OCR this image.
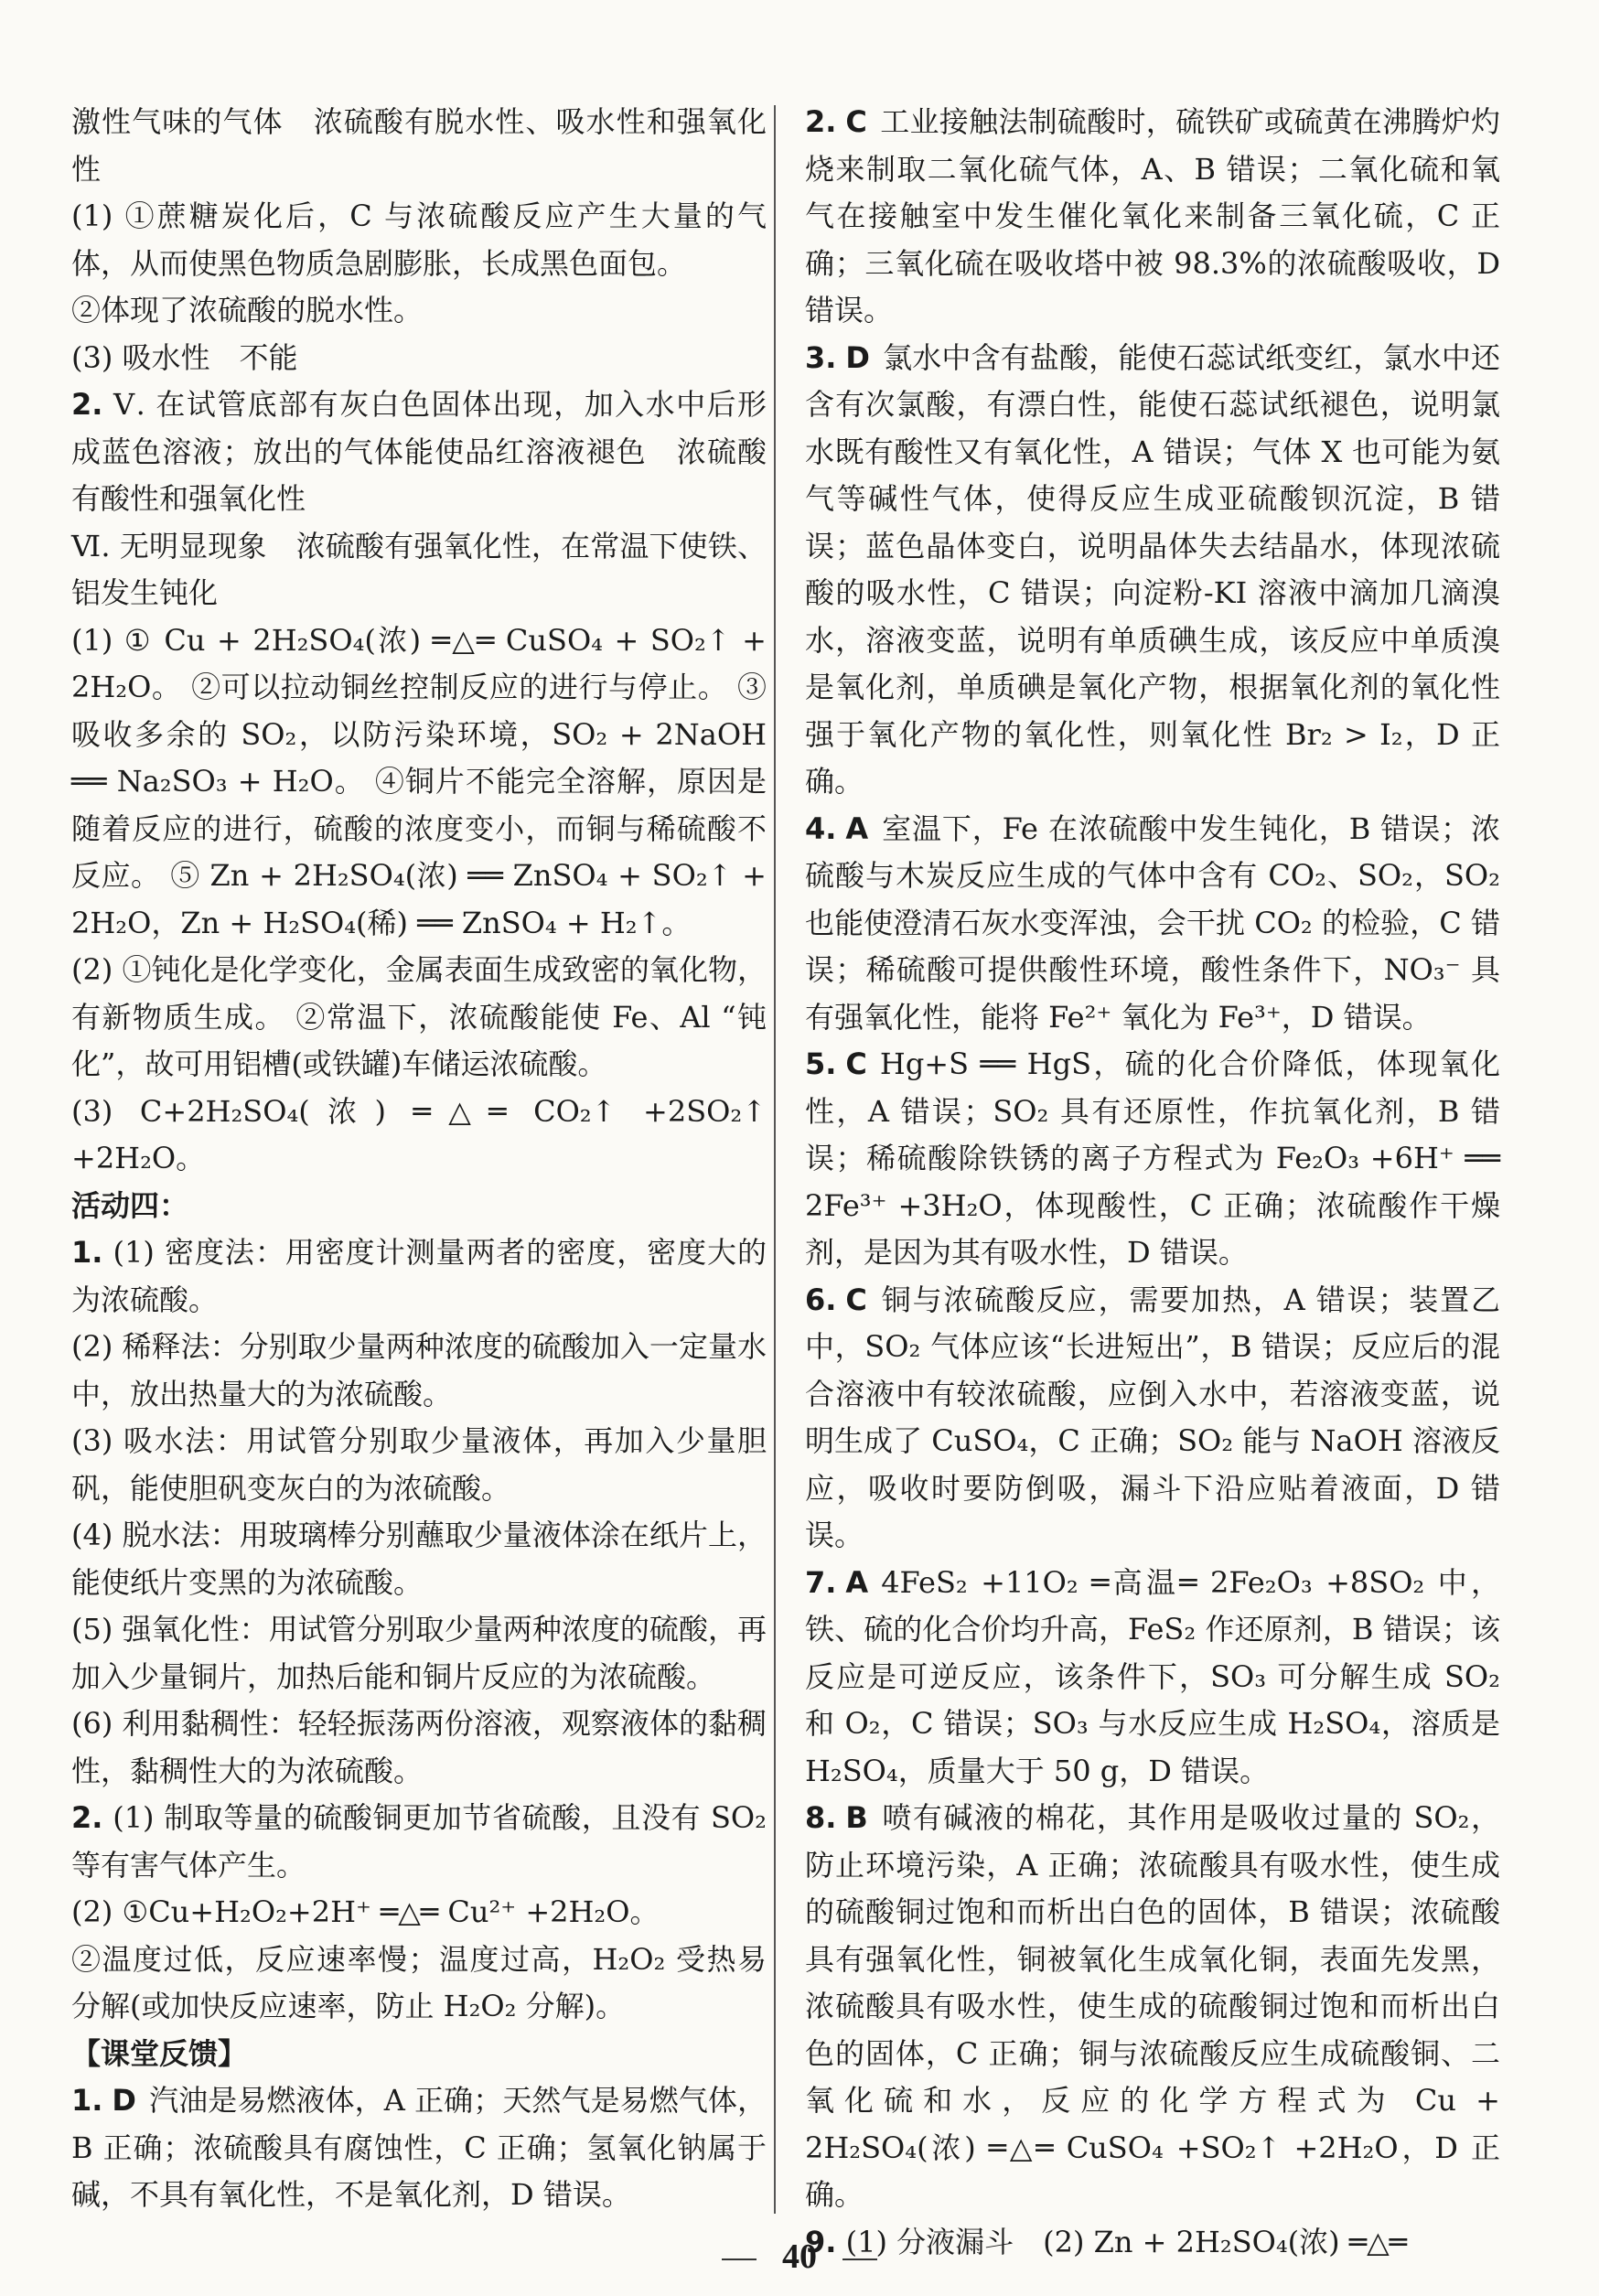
激性气味的气体　浓硫酸有脱水性、吸水性和强氧化性

(1) ①蔗糖炭化后，C 与浓硫酸反应产生大量的气体，从而使黑色物质急剧膨胀，长成黑色面包。

②体现了浓硫酸的脱水性。

(3) 吸水性　不能

2. Ⅴ. 在试管底部有灰白色固体出现，加入水中后形成蓝色溶液；放出的气体能使品红溶液褪色　浓硫酸有酸性和强氧化性

Ⅵ. 无明显现象　浓硫酸有强氧化性，在常温下使铁、铝发生钝化

(1) ① Cu + 2H₂SO₄(浓) ═△═ CuSO₄ + SO₂↑ + 2H₂O。 ②可以拉动铜丝控制反应的进行与停止。 ③ 吸收多余的 SO₂，以防污染环境，SO₂ + 2NaOH ══ Na₂SO₃ + H₂O。 ④铜片不能完全溶解，原因是随着反应的进行，硫酸的浓度变小，而铜与稀硫酸不反应。 ⑤ Zn + 2H₂SO₄(浓) ══ ZnSO₄ + SO₂↑ + 2H₂O，Zn + H₂SO₄(稀) ══ ZnSO₄ + H₂↑。

(2) ①钝化是化学变化，金属表面生成致密的氧化物，有新物质生成。 ②常温下，浓硫酸能使 Fe、Al “钝化”，故可用铝槽(或铁罐)车储运浓硫酸。

(3) C+2H₂SO₄(浓) ═△═ CO₂↑ +2SO₂↑ +2H₂O。

活动四：

1. (1) 密度法：用密度计测量两者的密度，密度大的为浓硫酸。

(2) 稀释法：分别取少量两种浓度的硫酸加入一定量水中，放出热量大的为浓硫酸。

(3) 吸水法：用试管分别取少量液体，再加入少量胆矾，能使胆矾变灰白的为浓硫酸。

(4) 脱水法：用玻璃棒分别蘸取少量液体涂在纸片上，能使纸片变黑的为浓硫酸。

(5) 强氧化性：用试管分别取少量两种浓度的硫酸，再加入少量铜片，加热后能和铜片反应的为浓硫酸。

(6) 利用黏稠性：轻轻振荡两份溶液，观察液体的黏稠性，黏稠性大的为浓硫酸。

2. (1) 制取等量的硫酸铜更加节省硫酸，且没有 SO₂ 等有害气体产生。

(2) ①Cu+H₂O₂+2H⁺ ═△═ Cu²⁺ +2H₂O。

②温度过低，反应速率慢；温度过高，H₂O₂ 受热易分解(或加快反应速率，防止 H₂O₂ 分解)。

【课堂反馈】

1. D 汽油是易燃液体，A 正确；天然气是易燃气体，B 正确；浓硫酸具有腐蚀性，C 正确；氢氧化钠属于碱，不具有氧化性，不是氧化剂，D 错误。

2. C 工业接触法制硫酸时，硫铁矿或硫黄在沸腾炉灼烧来制取二氧化硫气体，A、B 错误；二氧化硫和氧气在接触室中发生催化氧化来制备三氧化硫，C 正确；三氧化硫在吸收塔中被 98.3%的浓硫酸吸收，D 错误。

3. D 氯水中含有盐酸，能使石蕊试纸变红，氯水中还含有次氯酸，有漂白性，能使石蕊试纸褪色，说明氯水既有酸性又有氧化性，A 错误；气体 X 也可能为氨气等碱性气体，使得反应生成亚硫酸钡沉淀，B 错误；蓝色晶体变白，说明晶体失去结晶水，体现浓硫酸的吸水性，C 错误；向淀粉-KI 溶液中滴加几滴溴水，溶液变蓝，说明有单质碘生成，该反应中单质溴是氧化剂，单质碘是氧化产物，根据氧化剂的氧化性强于氧化产物的氧化性，则氧化性 Br₂ > I₂，D 正确。

4. A 室温下，Fe 在浓硫酸中发生钝化，B 错误；浓硫酸与木炭反应生成的气体中含有 CO₂、SO₂，SO₂ 也能使澄清石灰水变浑浊，会干扰 CO₂ 的检验，C 错误；稀硫酸可提供酸性环境，酸性条件下，NO₃⁻ 具有强氧化性，能将 Fe²⁺ 氧化为 Fe³⁺，D 错误。

5. C Hg+S ══ HgS，硫的化合价降低，体现氧化性，A 错误；SO₂ 具有还原性，作抗氧化剂，B 错误；稀硫酸除铁锈的离子方程式为 Fe₂O₃ +6H⁺ ══ 2Fe³⁺ +3H₂O，体现酸性，C 正确；浓硫酸作干燥剂，是因为其有吸水性，D 错误。

6. C 铜与浓硫酸反应，需要加热，A 错误；装置乙中，SO₂ 气体应该“长进短出”，B 错误；反应后的混合溶液中有较浓硫酸，应倒入水中，若溶液变蓝，说明生成了 CuSO₄，C 正确；SO₂ 能与 NaOH 溶液反应，吸收时要防倒吸，漏斗下沿应贴着液面，D 错误。

7. A 4FeS₂ +11O₂ ═高温═ 2Fe₂O₃ +8SO₂ 中，铁、硫的化合价均升高，FeS₂ 作还原剂，B 错误；该反应是可逆反应，该条件下，SO₃ 可分解生成 SO₂ 和 O₂，C 错误；SO₃ 与水反应生成 H₂SO₄，溶质是 H₂SO₄，质量大于 50 g，D 错误。

8. B 喷有碱液的棉花，其作用是吸收过量的 SO₂，防止环境污染，A 正确；浓硫酸具有吸水性，使生成的硫酸铜过饱和而析出白色的固体，B 错误；浓硫酸具有强氧化性，铜被氧化生成氧化铜，表面先发黑，浓硫酸具有吸水性，使生成的硫酸铜过饱和而析出白色的固体，C 正确；铜与浓硫酸反应生成硫酸铜、二氧化硫和水，反应的化学方程式为 Cu + 2H₂SO₄(浓) ═△═ CuSO₄ +SO₂↑ +2H₂O，D 正确。

9. (1) 分液漏斗　(2) Zn + 2H₂SO₄(浓) ═△═

40
